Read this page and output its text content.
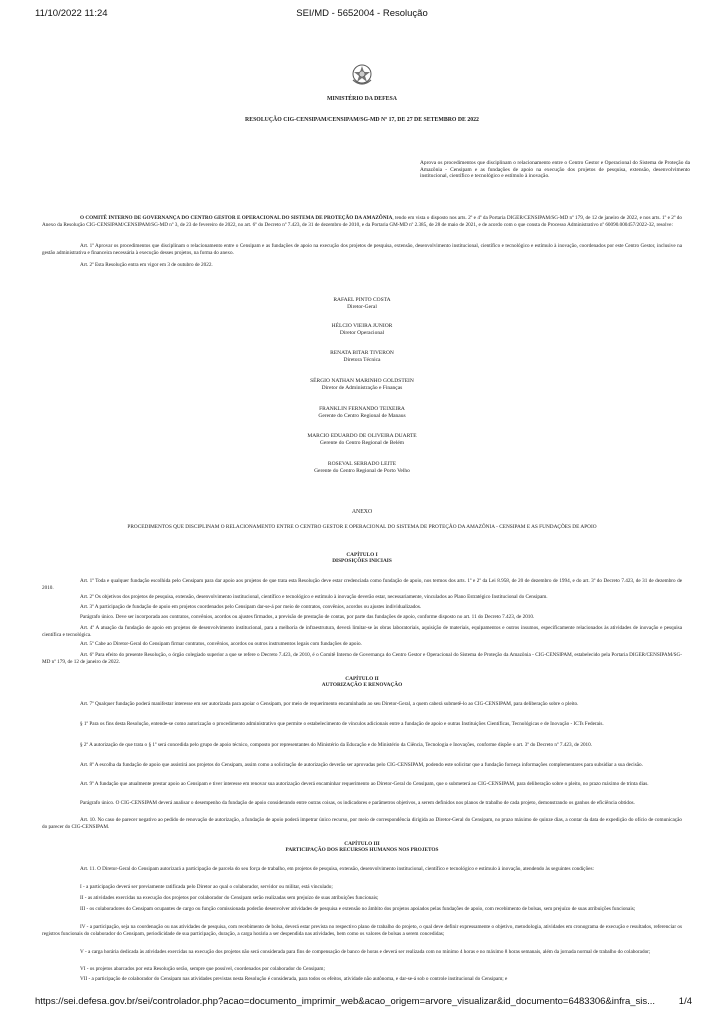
11/10/2022 11:24	SEI/MD - 5652004 - Resolução
MINISTÉRIO DA DEFESA
RESOLUÇÃO CIG-CENSIPAM/CENSIPAM/SG-MD Nº 17, DE 27 DE SETEMBRO DE 2022
Aprova os procedimentos que disciplinam o relacionamento entre o Centro Gestor e Operacional do Sistema de Proteção da Amazônia - Censipam e as fundações de apoio na execução dos projetos de pesquisa, extensão, desenvolvimento institucional, científico e tecnológico e estímulo à inovação.
O COMITÊ INTERNO DE GOVERNANÇA DO CENTRO GESTOR E OPERACIONAL DO SISTEMA DE PROTEÇÃO DA AMAZÔNIA, tendo em vista o disposto nos arts. 2º e 4º da Portaria DIGER/CENSIPAM/SG-MD nº 179, de 12 de janeiro de 2022, e nos arts. 1º e 2º do Anexo da Resolução CIG-CENSIPAM/CENSIPAM/SG-MD nº 3, de 23 de fevereiro de 2022, no art. 6º do Decreto nº 7.423, de 31 de dezembro de 2010, e da Portaria GM-MD nº 2.385, de 28 de maio de 2021, e de acordo com o que consta do Processo Administrativo nº 60090.000457/2022-32, resolve:
Art. 1º Aprovar os procedimentos que disciplinam o relacionamento entre o Censipam e as fundações de apoio na execução dos projetos de pesquisa, extensão, desenvolvimento institucional, científico e tecnológico e estímulo à inovação, coordenados por este Centro Gestor, inclusive na gestão administrativa e financeira necessária à execução desses projetos, na forma do anexo.
Art. 2º Esta Resolução entra em vigor em 3 de outubro de 2022.
RAFAEL PINTO COSTA
Diretor-Geral
HÉLCIO VIEIRA JUNIOR
Diretor Operacional
RENATA BITAR TIVERON
Diretora Técnica
SÉRGIO NATHAN MARINHO GOLDSTEIN
Diretor de Administração e Finanças
FRANKLIN FERNANDO TEIXEIRA
Gerente do Centro Regional de Manaus
MARCIO EDUARDO DE OLIVEIRA DUARTE
Gerente do Centro Regional de Belém
ROSEVAL SERRADO LEITE
Gerente do Centro Regional de Porto Velho
ANEXO
PROCEDIMENTOS QUE DISCIPLINAM O RELACIONAMENTO ENTRE O CENTRO GESTOR E OPERACIONAL DO SISTEMA DE PROTEÇÃO DA AMAZÔNIA - CENSIPAM E AS FUNDAÇÕES DE APOIO
CAPÍTULO I
DISPOSIÇÕES INICIAIS
Art. 1º Toda e qualquer fundação escolhida pelo Censipam para dar apoio aos projetos de que trata esta Resolução deve estar credenciada como fundação de apoio, nos termos dos arts. 1º e 2º da Lei 8.958, de 20 de dezembro de 1994, e do art. 3º do Decreto 7.423, de 31 de dezembro de 2010.
Art. 2º Os objetivos dos projetos de pesquisa, extensão, desenvolvimento institucional, científico e tecnológico e estímulo à inovação deverão estar, necessariamente, vinculados ao Plano Estratégico Institucional do Censipam.
Art. 3º A participação de fundação de apoio em projetos coordenados pelo Censipam dar-se-á por meio de contratos, convênios, acordos ou ajustes individualizados.
Parágrafo único. Deve ser incorporada aos contratos, convênios, acordos ou ajustes firmados, a previsão de prestação de contas, por parte das fundações de apoio, conforme disposto no art. 11 do Decreto 7.423, de 2010.
Art. 4º A atuação da fundação de apoio em projetos de desenvolvimento institucional, para a melhoria de infraestrutura, deverá limitar-se às obras laboratoriais, aquisição de materiais, equipamentos e outros insumos, especificamente relacionados às atividades de inovação e pesquisa científica e tecnológica.
Art. 5º Cabe ao Diretor-Geral do Censipam firmar contratos, convênios, acordos ou outros instrumentos legais com fundações de apoio.
Art. 6º Para efeito do presente Resolução, o órgão colegiado superior a que se refere o Decreto 7.423, de 2010, é o Comitê Interno de Governança do Centro Gestor e Operacional do Sistema de Proteção da Amazônia - CIG-CENSIPAM, estabelecido pela Portaria DIGER/CENSIPAM/SG-MD nº 179, de 12 de janeiro de 2022.
CAPÍTULO II
AUTORIZAÇÃO E RENOVAÇÃO
Art. 7º Qualquer fundação poderá manifestar interesse em ser autorizada para apoiar o Censipam, por meio de requerimento encaminhado ao seu Diretor-Geral, a quem caberá submetê-lo ao CIG-CENSIPAM, para deliberação sobre o pleito.
§ 1º Para os fins desta Resolução, entende-se como autorização o procedimento administrativo que permite o estabelecimento de vínculos adicionais entre a fundação de apoio e outras Instituições Científicas, Tecnológicas e de Inovação - ICTs Federais.
§ 2º A autorização de que trata o § 1º será concedida pelo grupo de apoio técnico, composto por representantes do Ministério da Educação e do Ministério da Ciência, Tecnologia e Inovações, conforme dispõe o art. 3º do Decreto nº 7.423, de 2010.
Art. 8º A escolha da fundação de apoio que assistirá aos projetos do Censipam, assim como a solicitação de autorização deverão ser aprovadas pelo CIG-CENSIPAM, podendo este solicitar que a fundação forneça informações complementares para subsidiar a sua decisão.
Art. 9º A fundação que atualmente prestar apoio ao Censipam e tiver interesse em renovar sua autorização deverá encaminhar requerimento ao Diretor-Geral do Censipam, que o submeterá ao CIG-CENSIPAM, para deliberação sobre o pleito, no prazo máximo de trinta dias.
Parágrafo único. O CIG-CENSIPAM deverá analisar o desempenho da fundação de apoio considerando entre outras coisas, os indicadores e parâmetros objetivos, a serem definidos nos planos de trabalho de cada projeto, demonstrando os ganhos de eficiência obtidos.
Art. 10. No caso de parecer negativo ao pedido de renovação de autorização, a fundação de apoio poderá impetrar único recurso, por meio de correspondência dirigida ao Diretor-Geral do Censipam, no prazo máximo de quinze dias, a contar da data de expedição do ofício de comunicação do parecer do CIG-CENSIPAM.
CAPÍTULO III
PARTICIPAÇÃO DOS RECURSOS HUMANOS NOS PROJETOS
Art. 11. O Diretor-Geral do Censipam autorizará a participação de parcela do seu força de trabalho, em projetos de pesquisa, extensão, desenvolvimento institucional, científico e tecnológico e estímulo à inovação, atendendo às seguintes condições:
I - a participação deverá ser previamente ratificada pelo Diretor ao qual o colaborador, servidor ou militar, está vinculado;
II - as atividades exercidas na execução dos projetos por colaborador do Censipam serão realizadas sem prejuízo de suas atribuições funcionais;
III - os colaboradores do Censipam ocupantes de cargo ou função comissionada poderão desenvolver atividades de pesquisa e extensão no âmbito dos projetos apoiados pelas fundações de apoio, com recebimento de bolsas, sem prejuízo de suas atribuições funcionais;
IV - a participação, seja na coordenação ou nas atividades de pesquisa, com recebimento de bolsa, deverá estar prevista no respectivo plano de trabalho do projeto, o qual deve definir expressamente o objetivo, metodologia, atividades em cronograma de execução e resultados, referenciar os registros funcionais do colaborador do Censipam, periodicidade de sua participação, duração, a carga horária a ser despendida nas atividades, bem como os valores de bolsas a serem concedidas;
V - a carga horária dedicada às atividades exercidas na execução dos projetos não será considerada para fins de compensação de banco de horas e deverá ser realizada com no mínimo 4 horas e no máximo 8 horas semanais, além da jornada normal de trabalho do colaborador;
VI - os projetos abarcados por esta Resolução serão, sempre que possível, coordenados por colaborador do Censipam;
VII - a participação de colaborador do Censipam nas atividades previstas nesta Resolução é considerada, para todos os efeitos, atividade não autônoma, e dar-se-á sob o controle institucional do Censipam; e
https://sei.defesa.gov.br/sei/controlador.php?acao=documento_imprimir_web&acao_origem=arvore_visualizar&id_documento=6483306&infra_sis... 1/4
